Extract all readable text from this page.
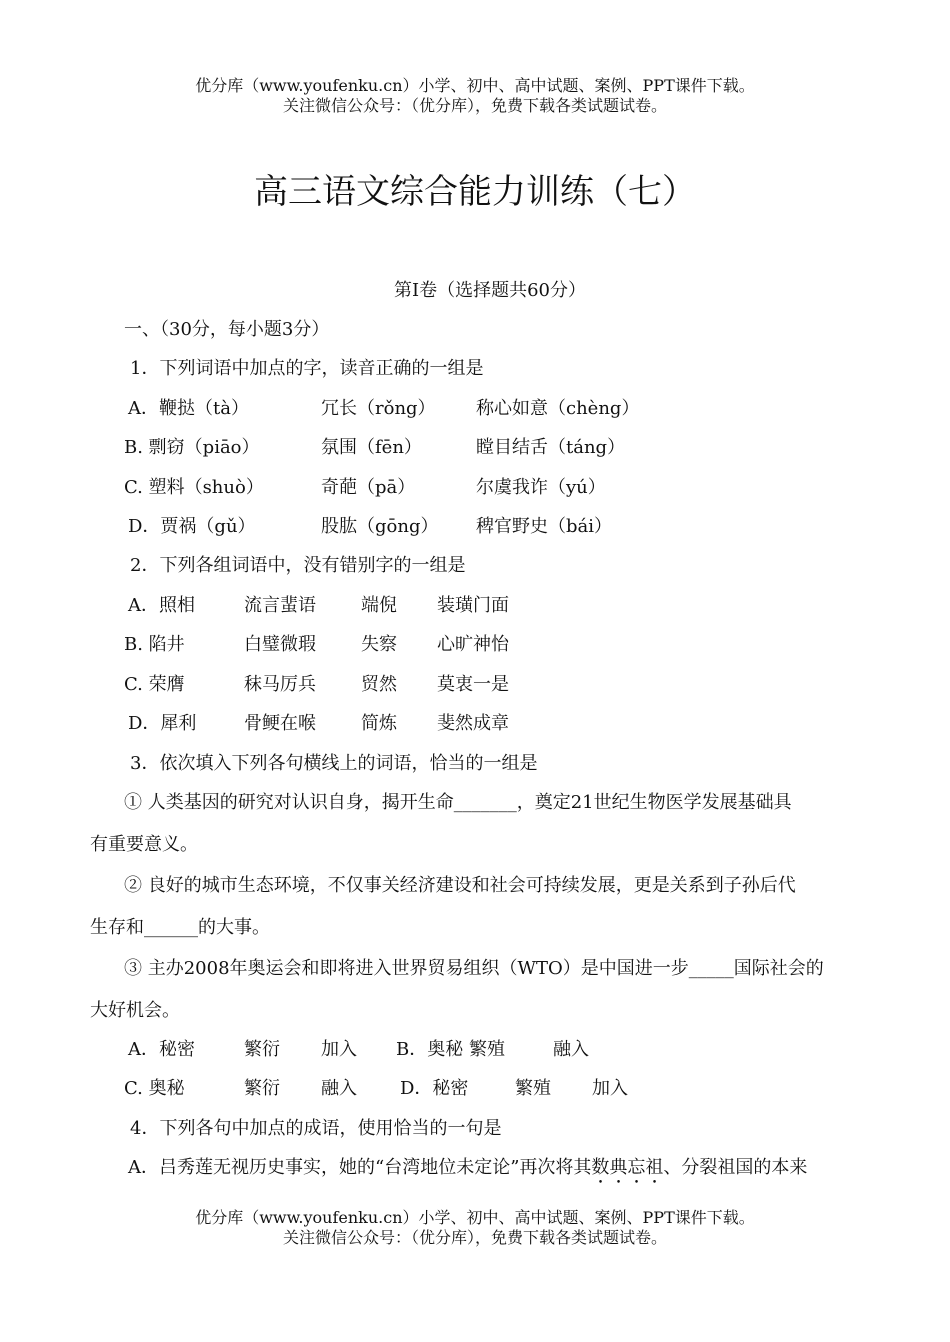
优分库（www.youfenku.cn）小学、初中、高中试题、案例、PPT课件下载。
关注微信公众号：（优分库），免费下载各类试题试卷。
高三语文综合能力训练（七）
第Ⅰ卷（选择题共60分）
一、（30分，每小题3分）
1．下列词语中加点的字，读音正确的一组是
A．鞭挞（tà）	冗长（rǒng） 称心如意（chèng）
B. 剽窃（piāo）	氛围（fēn）	瞠目结舌（táng）
C. 塑料（shuò）	奇葩（pā）	尔虞我诈（yú）
D．贾祸（gǔ）	股肱（gōng） 稗官野史（bái）
2．下列各组词语中，没有错别字的一组是
A．照相	流言蜚语	端倪 装璜门面
B. 陷井	白璧微瑕	失察 心旷神怡
C. 荣膺	秣马厉兵	贸然 莫衷一是
D．犀利	骨鲠在喉	简炼 斐然成章
3．依次填入下列各句横线上的词语，恰当的一组是
① 人类基因的研究对认识自身，揭开生命_______，奠定21世纪生物医学发展基础具
有重要意义。
② 良好的城市生态环境，不仅事关经济建设和社会可持续发展，更是关系到子孙后代
生存和______的大事。
③ 主办2008年奥运会和即将进入世界贸易组织（WTO）是中国进一步_____国际社会的
大好机会。
A．秘密	繁衍 加入 B．奥秘 繁殖	融入
C. 奥秘	繁衍 融入 D．秘密	繁殖 加入
4．下列各句中加点的成语，使用恰当的一句是
A．吕秀莲无视历史事实，她的“台湾地位未定论”再次将其数典忘祖、分裂祖国的本来
优分库（www.youfenku.cn）小学、初中、高中试题、案例、PPT课件下载。
关注微信公众号：（优分库），免费下载各类试题试卷。
